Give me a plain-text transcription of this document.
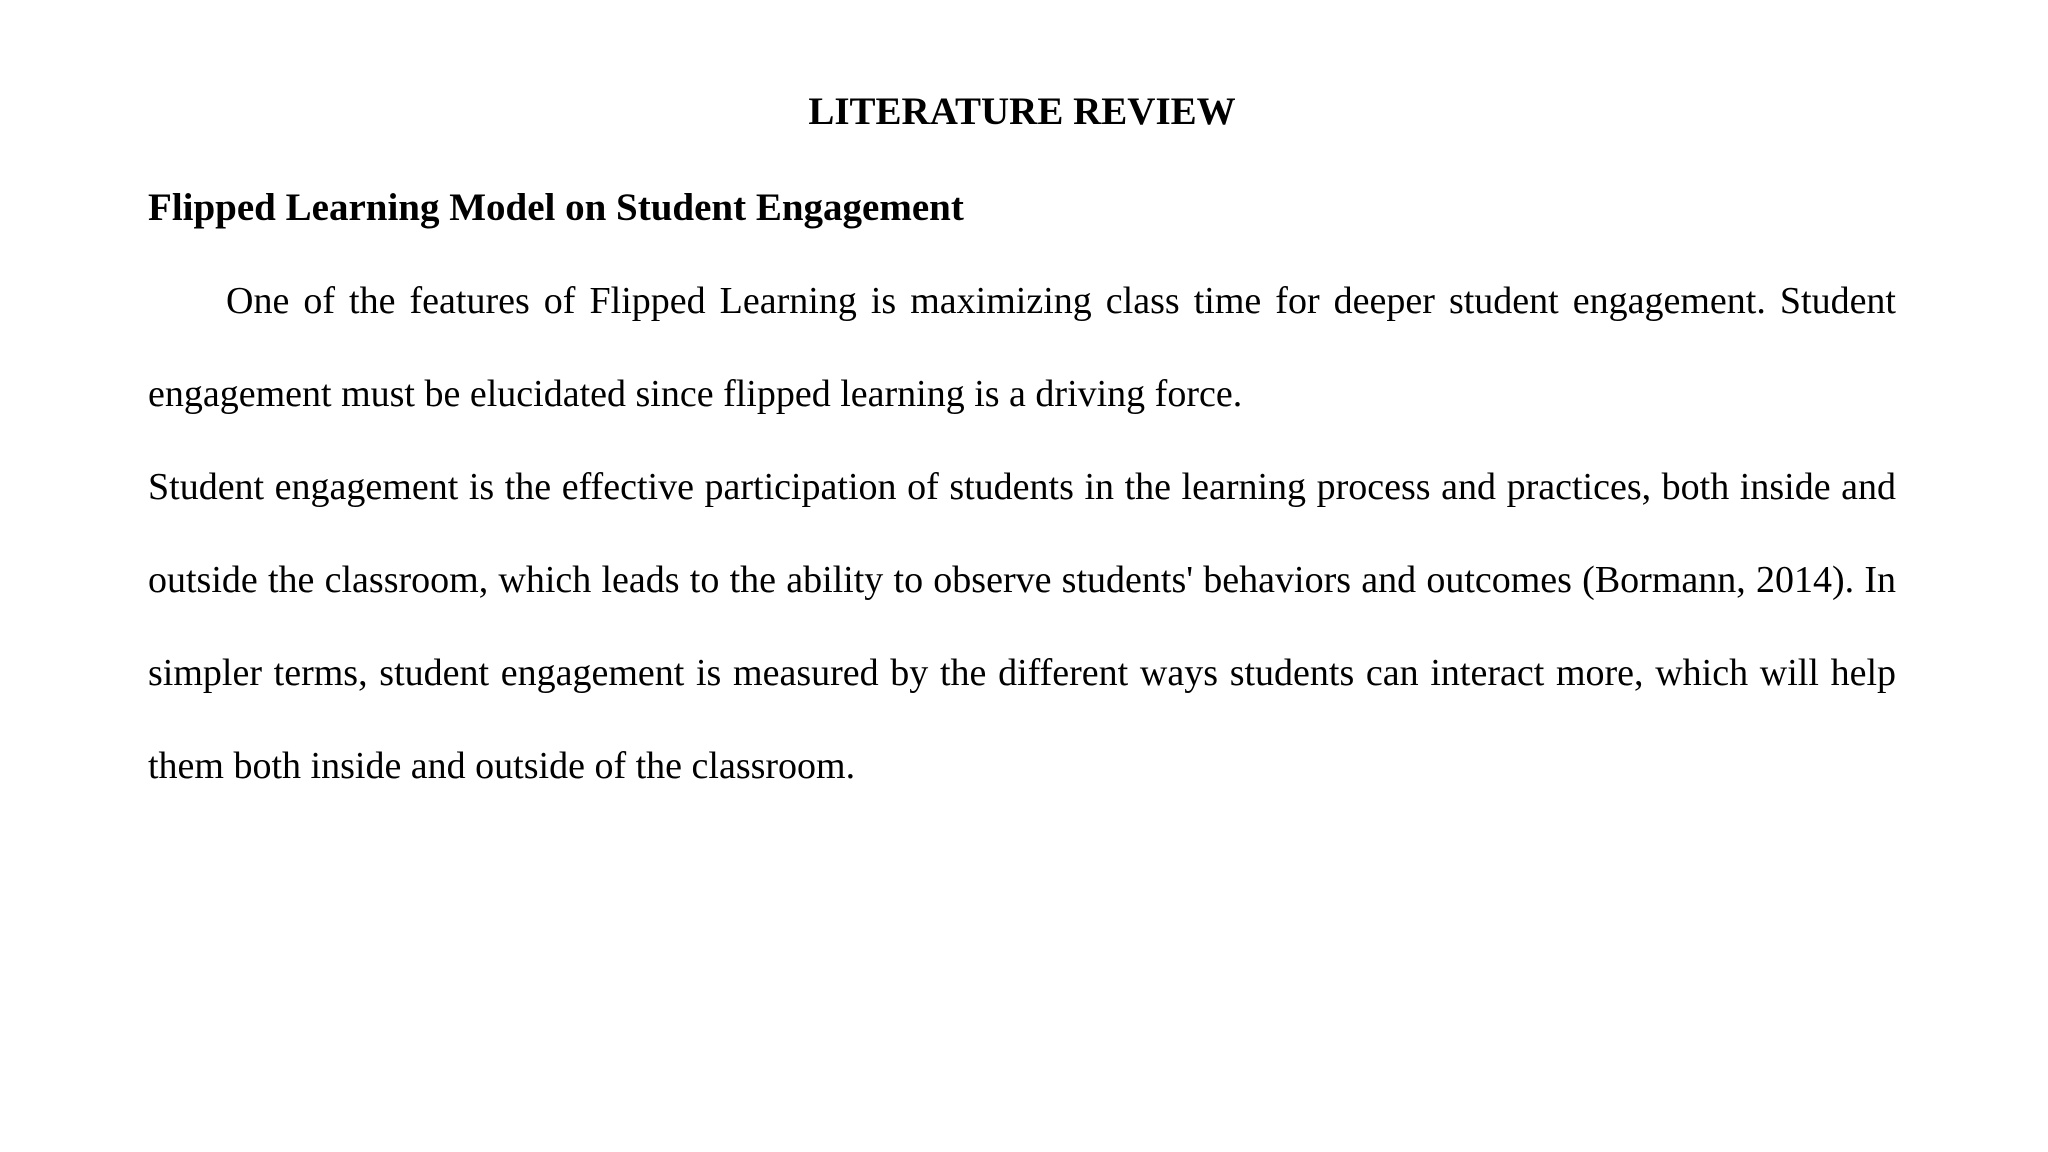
LITERATURE REVIEW
Flipped Learning Model on Student Engagement

One of the features of Flipped Learning is maximizing class time for deeper student engagement. Student engagement must be elucidated since flipped learning is a driving force.

Student engagement is the effective participation of students in the learning process and practices, both inside and outside the classroom, which leads to the ability to observe students' behaviors and outcomes (Bormann, 2014). In simpler terms, student engagement is measured by the different ways students can interact more, which will help them both inside and outside of the classroom.
